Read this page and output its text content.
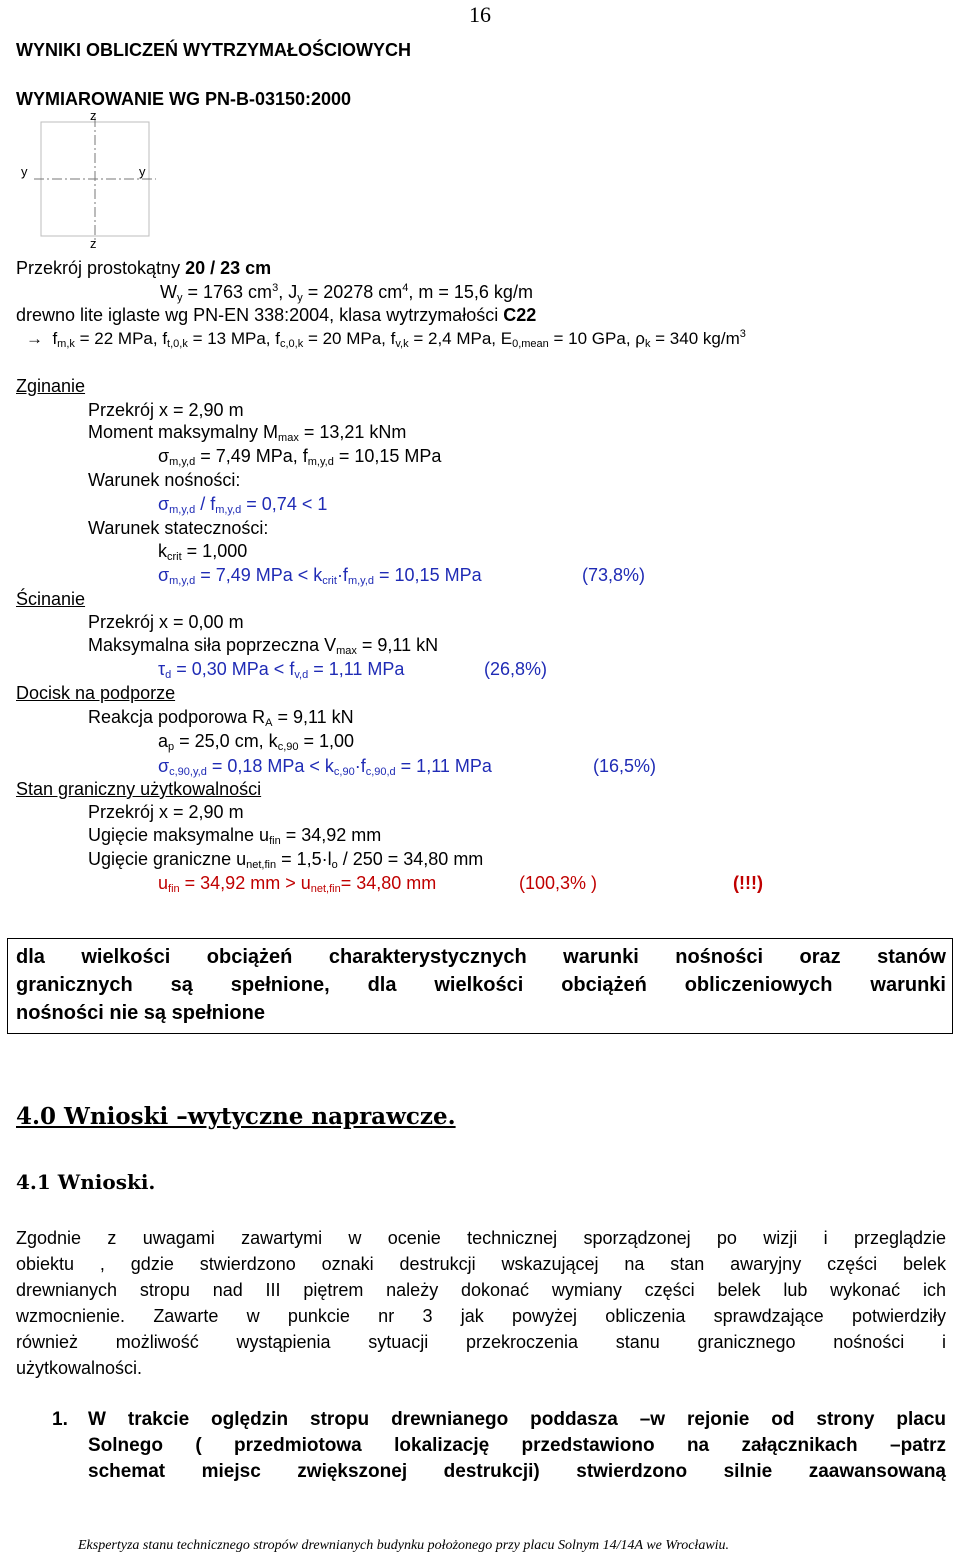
16
WYNIKI OBLICZEŃ WYTRZYMAŁOŚCIOWYCH
WYMIAROWANIE WG PN-B-03150:2000
z
z
y	y
Przekrój prostokątny 20 / 23 cm
$W_y = 1763$ $cm^3$, $J_y = 20278$ $cm^4$, m = 15,6 kg/m
drewno lite iglaste wg PN-EN 338:2004, klasa wytrzymałości C22
→  $f_{m,k} = 22$ MPa, $f_{t,0,k} = 13$ MPa, $f_{c,0,k} = 20$ MPa, $f_{v,k} = 2,4$ MPa, $E_{0,mean} = 10$ GPa, $\rho_k = 340$ $kg/m^3$
Zginanie
Przekrój x = 2,90 m
Moment maksymalny $M_{max} = 13,21$ kNm
$\sigma_{m,y,d} = 7,49$ MPa, $f_{m,y,d} = 10,15$ MPa
Warunek nośności:
$\sigma_{m,y,d} / f_{m,y,d} = 0,74 < 1$
Warunek stateczności:
$k_{crit} = 1,000$
$\sigma_{m,y,d} = 7,49$ MPa < $k_{crit}\cdot f_{m,y,d} = 10,15$ MPa	(73,8%)
Ścinanie
Przekrój x = 0,00 m
Maksymalna siła poprzeczna $V_{max} = 9,11$ kN
$\tau_d = 0,30$ MPa < $f_{v,d} = 1,11$ MPa	(26,8%)
Docisk na podporze
Reakcja podporowa $R_A = 9,11$ kN
$a_p = 25,0$ cm, $k_{c,90} = 1,00$
$\sigma_{c,90,y,d} = 0,18$ MPa < $k_{c,90}\cdot f_{c,90,d} = 1,11$ MPa	(16,5%)
Stan graniczny użytkowalności
Przekrój x = 2,90 m
Ugięcie maksymalne $u_{fin} = 34,92$ mm
Ugięcie graniczne $u_{net,fin} = 1,5\cdot l_o / 250 = 34,80$ mm
$u_{fin} = 34,92$ mm > $u_{net,fin}= 34,80$ mm	(100,3% )	(!!!)
dla wielkości obciążeń charakterystycznych warunki nośności oraz stanów
granicznych są spełnione, dla wielkości obciążeń obliczeniowych warunki
nośności nie są spełnione
4.0 Wnioski –wytyczne naprawcze.
4.1 Wnioski.
Zgodnie z uwagami zawartymi w ocenie technicznej sporządzonej po wizji i przeglądzie
obiektu , gdzie stwierdzono oznaki destrukcji wskazującej na stan awaryjny części belek
drewnianych stropu nad III piętrem należy dokonać wymiany części belek lub wykonać ich
wzmocnienie. Zawarte w punkcie nr 3 jak powyżej obliczenia sprawdzające potwierdziły
również możliwość wystąpienia sytuacji przekroczenia stanu granicznego nośności i
użytkowalności.
1. W trakcie oględzin stropu drewnianego poddasza –w rejonie od strony placu
Solnego ( przedmiotowa lokalizację przedstawiono na załącznikach –patrz
schemat miejsc zwiększonej destrukcji) stwierdzono silnie zaawansowaną
Ekspertyza stanu technicznego stropów drewnianych budynku położonego przy placu Solnym 14/14A we Wrocławiu.
